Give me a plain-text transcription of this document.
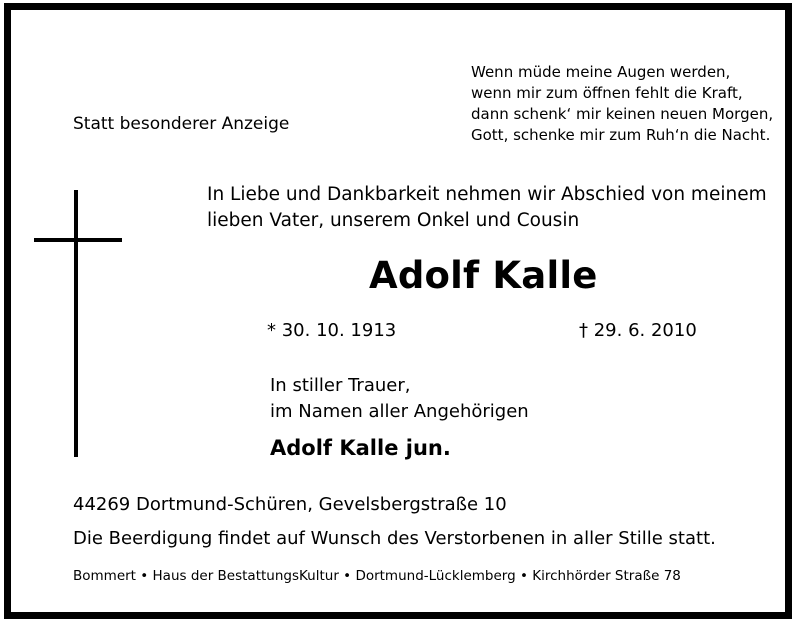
Wenn müde meine Augen werden,
wenn mir zum öffnen fehlt die Kraft,
dann schenk‘ mir keinen neuen Morgen,
Gott, schenke mir zum Ruh‘n die Nacht.
Statt besonderer Anzeige
In Liebe und Dankbarkeit nehmen wir Abschied von meinem
lieben Vater, unserem Onkel und Cousin
Adolf Kalle
* 30. 10. 1913	† 29. 6. 2010
In stiller Trauer,
im Namen aller Angehörigen
Adolf Kalle jun.
44269 Dortmund-Schüren, Gevelsbergstraße 10
Die Beerdigung findet auf Wunsch des Verstorbenen in aller Stille statt.
Bommert • Haus der BestattungsKultur • Dortmund-Lücklemberg • Kirchhörder Straße 78
